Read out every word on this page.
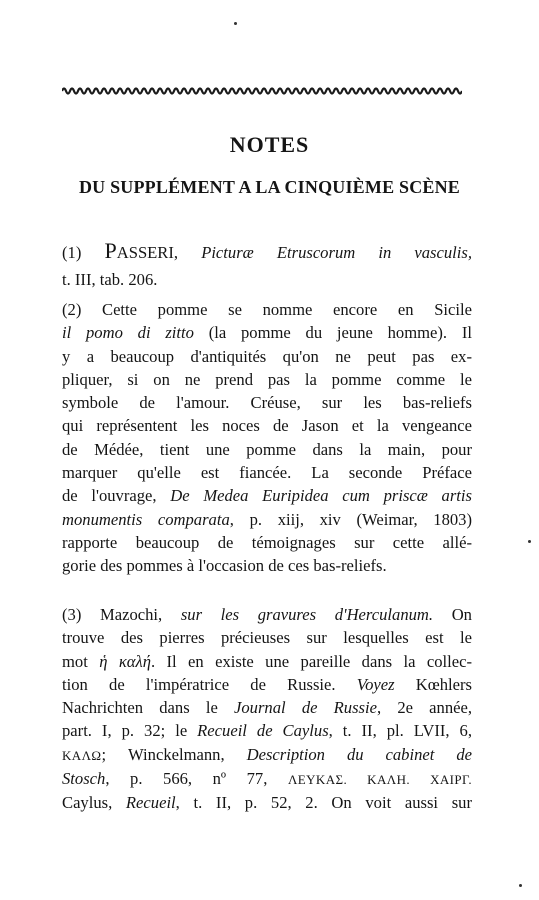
NOTES
DU SUPPLÉMENT A LA CINQUIÈME SCÈNE
(1) PASSERI, Picturæ Etruscorum in vasculis,
t. III, tab. 206.
(2) Cette pomme se nomme encore en Sicile
il pomo di zitto (la pomme du jeune homme). Il
y a beaucoup d'antiquités qu'on ne peut pas ex-
pliquer, si on ne prend pas la pomme comme le
symbole de l'amour. Créuse, sur les bas-reliefs
qui représentent les noces de Jason et la vengeance
de Médée, tient une pomme dans la main, pour
marquer qu'elle est fiancée. La seconde Préface
de l'ouvrage, De Medea Euripidea cum priscæ artis
monumentis comparata, p. xiij, xiv (Weimar, 1803)
rapporte beaucoup de témoignages sur cette allé-
gorie des pommes à l'occasion de ces bas-reliefs.
(3) Mazochi, sur les gravures d'Herculanum. On
trouve des pierres précieuses sur lesquelles est le
mot ἡ καλή. Il en existe une pareille dans la collec-
tion de l'impératrice de Russie. Voyez Kœhlers
Nachrichten dans le Journal de Russie, 2e année,
part. I, p. 32; le Recueil de Caylus, t. II, pl. LVII, 6,
ΚΑΛΩ; Winckelmann, Description du cabinet de
Stosch, p. 566, nº 77, ΛΕΥΚΑΣ. ΚΑΛΗ. ΧΑΙΡΓ.
Caylus, Recueil, t. II, p. 52, 2. On voit aussi sur
